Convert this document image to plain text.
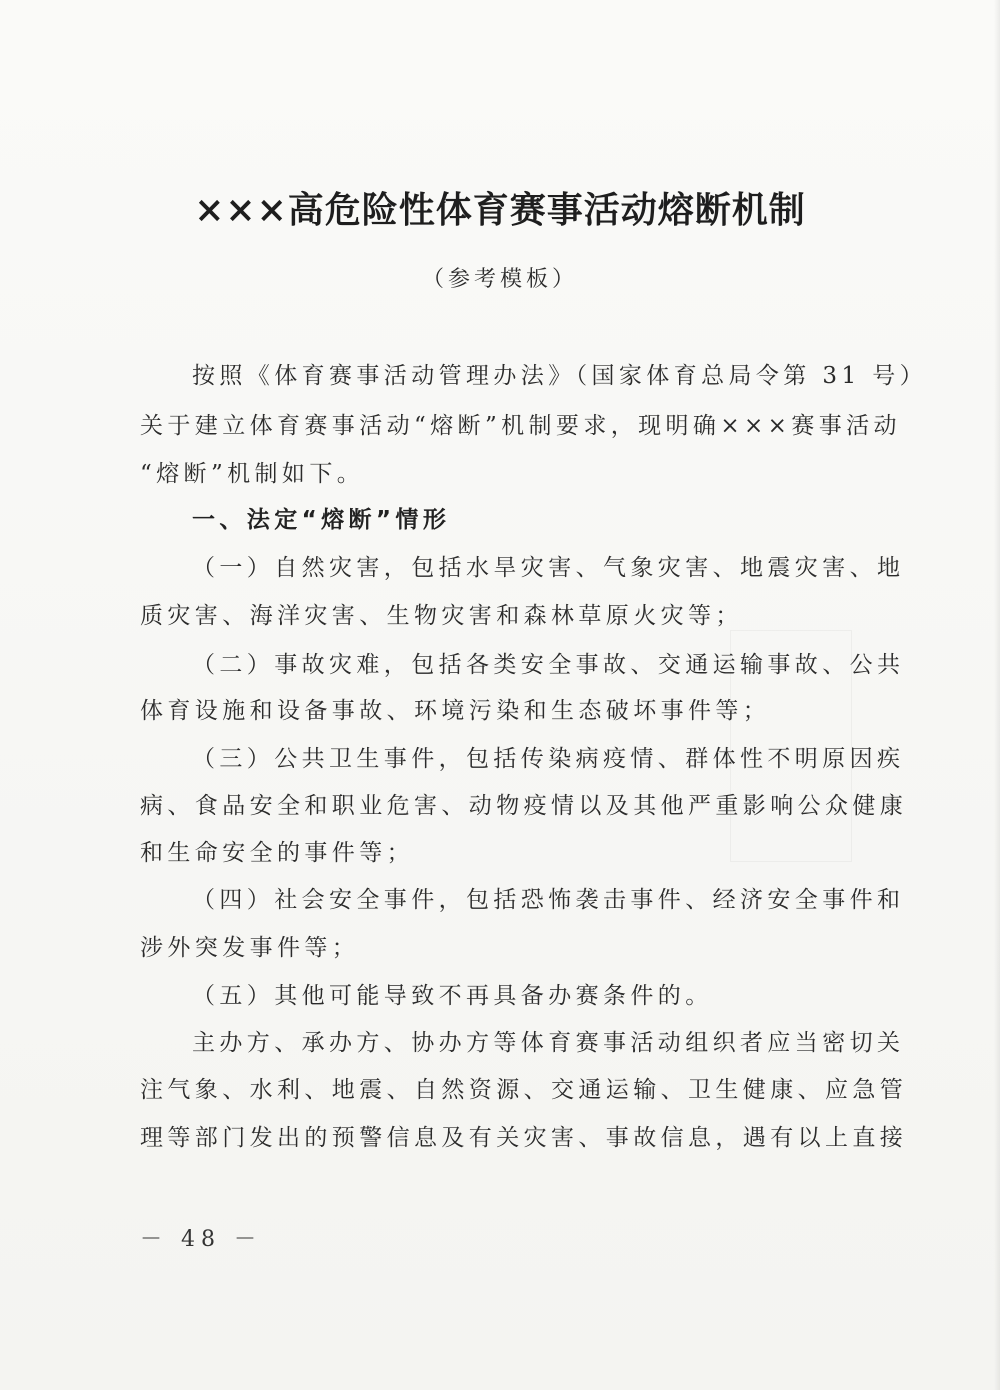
×××高危险性体育赛事活动熔断机制
（参考模板）
按照《体育赛事活动管理办法》（国家体育总局令第 31 号）
关于建立体育赛事活动“熔断”机制要求，现明确×××赛事活动
“熔断”机制如下。
一、法定“熔断”情形
（一）自然灾害，包括水旱灾害、气象灾害、地震灾害、地
质灾害、海洋灾害、生物灾害和森林草原火灾等；
（二）事故灾难，包括各类安全事故、交通运输事故、公共
体育设施和设备事故、环境污染和生态破坏事件等；
（三）公共卫生事件，包括传染病疫情、群体性不明原因疾
病、食品安全和职业危害、动物疫情以及其他严重影响公众健康
和生命安全的事件等；
（四）社会安全事件，包括恐怖袭击事件、经济安全事件和
涉外突发事件等；
（五）其他可能导致不再具备办赛条件的。
主办方、承办方、协办方等体育赛事活动组织者应当密切关
注气象、水利、地震、自然资源、交通运输、卫生健康、应急管
理等部门发出的预警信息及有关灾害、事故信息，遇有以上直接
－ 48 －
